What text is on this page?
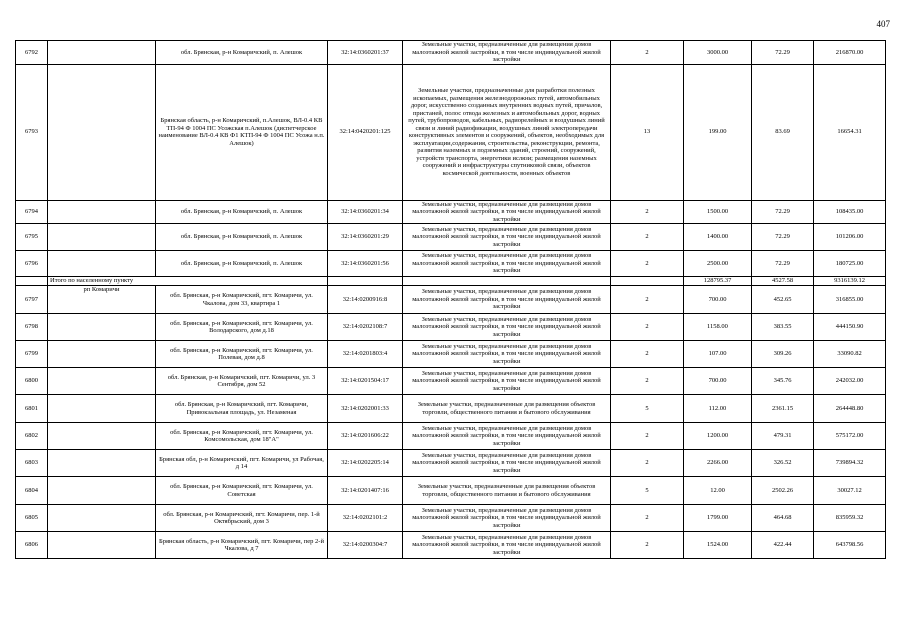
407
6792		обл. Брянская, р-н Комаричский, п. Алешок	32:14:0360201:37	Земельные участки, предназначенные для размещения домов малоэтажной жилой застройки, в том числе индивидуальной жилой застройки	2	3000.00	72.29	216870.00
6793		Брянская область, р-н Комаричский, п.Алешок, ВЛ-0.4 КВ ТП-94 Ф 1004 ПС Усожская п.Алешок (диспетчерское наименование ВЛ-0.4 КВ Ф1 КТП-94 Ф 1004 ПС Усожа н.п. Алешок)	32:14:0420201:125	Земельные участки, предназначенные для разработки полезных ископаемых, размещения железнодорожных путей, автомобильных дорог, искусственно созданных внутренних водных путей, причалов, пристаней, полос отвода железных и автомобильных дорог, водных путей, трубопроводов, кабельных, радиорелейных и воздушных линий связи и линий радиофикации, воздушных линий электропередачи конструктивных элементов и сооружений, объектов, необходимых для эксплуатации,содержания, строительства, реконструкции, ремонта, развития наземных и подземных зданий, строений, сооружений, устройств транспорта, энергетики ислязи; размещения наземных сооружений и инфраструктуры спутниковой связи, объектов космической деятельности, военных объектов	13	199.00	83.69	16654.31
6794		обл. Брянская, р-н Комаричский, п. Алешок	32:14:0360201:34	Земельные участки, предназначенные для размещения домов малоэтажной жилой застройки, в том числе индивидуальной жилой застройки	2	1500.00	72.29	108435.00
6795		обл. Брянская, р-н Комаричский, п. Алешок	32:14:0360201:29	Земельные участки, предназначенные для размещения домов малоэтажной жилой застройки, в том числе индивидуальной жилой застройки	2	1400.00	72.29	101206.00
6796		обл. Брянская, р-н Комаричский, п. Алешок	32:14:0360201:56	Земельные участки, предназначенные для размещения домов малоэтажной жилой застройки, в том числе индивидуальной жилой застройки	2	2500.00	72.29	180725.00
	Итого по населенному пункту					128795.37	4527.58	9316139.12
6797	рп Комаричи	обл. Брянская, р-н Комаричский, пгт. Комаричи, ул. Чкалова, дом 33, квартира 1	32:14:0200916:8	Земельные участки, предназначенные для размещения домов малоэтажной жилой застройки, в том числе индивидуальной жилой застройки	2	700.00	452.65	316855.00
6798		обл. Брянская, р-н Комаричский, пгт. Комаричи, ул. Володарского, дом д.18	32:14:0202108:7	Земельные участки, предназначенные для размещения домов малоэтажной жилой застройки, в том числе индивидуальной жилой застройки	2	1158.00	383.55	444150.90
6799		обл. Брянская, р-н Комаричский, пгт. Комаричи, ул. Полевая, дом д.8	32:14:0201803:4	Земельные участки, предназначенные для размещения домов малоэтажной жилой застройки, в том числе индивидуальной жилой застройки	2	107.00	309.26	33090.82
6800		обл. Брянская, р-н Комаричский, пгт. Комаричи, ул. 3 Сентября, дом 52	32:14:0201504:17	Земельные участки, предназначенные для размещения домов малоэтажной жилой застройки, в том числе индивидуальной жилой застройки	2	700.00	345.76	242032.00
6801		обл. Брянская, р-н Комаричский, пгт. Комаричи, Привокзальная площадь, ул. Незаменая	32:14:0202001:33	Земельные участки, предназначенные для размещения объектов торговли, общественного питания и бытового обслуживания	5	112.00	2361.15	264448.80
6802		обл. Брянская, р-н Комаричский, пгт. Комаричи, ул. Комсомольская, дом 18"А"	32:14:0201606:22	Земельные участки, предназначенные для размещения домов малоэтажной жилой застройки, в том числе индивидуальной жилой застройки	2	1200.00	479.31	575172.00
6803		Брянская обл, р-н Комаричский, пгт. Комаричи, ул Рабочая, д 14	32:14:0202205:14	Земельные участки, предназначенные для размещения домов малоэтажной жилой застройки, в том числе индивидуальной жилой застройки	2	2266.00	326.52	739894.32
6804		обл. Брянская, р-н Комаричский, пгт. Комаричи, ул. Советская	32:14:0201407:16	Земельные участки, предназначенные для размещения объектов торговли, общественного питания и бытового обслуживания	5	12.00	2502.26	30027.12
6805		обл. Брянская, р-н Комаричский, пгт. Комаричи, пер. 1-й Октябрьский, дом 3	32:14:0202101:2	Земельные участки, предназначенные для размещения домов малоэтажной жилой застройки, в том числе индивидуальной жилой застройки	2	1799.00	464.68	835959.32
6806		Брянская область, р-н Комаричский, пгт. Комаричи, пер 2-й Чкалова, д 7	32:14:0200304:7	Земельные участки, предназначенные для размещения домов малоэтажной жилой застройки, в том числе индивидуальной жилой застройки	2	1524.00	422.44	643798.56
